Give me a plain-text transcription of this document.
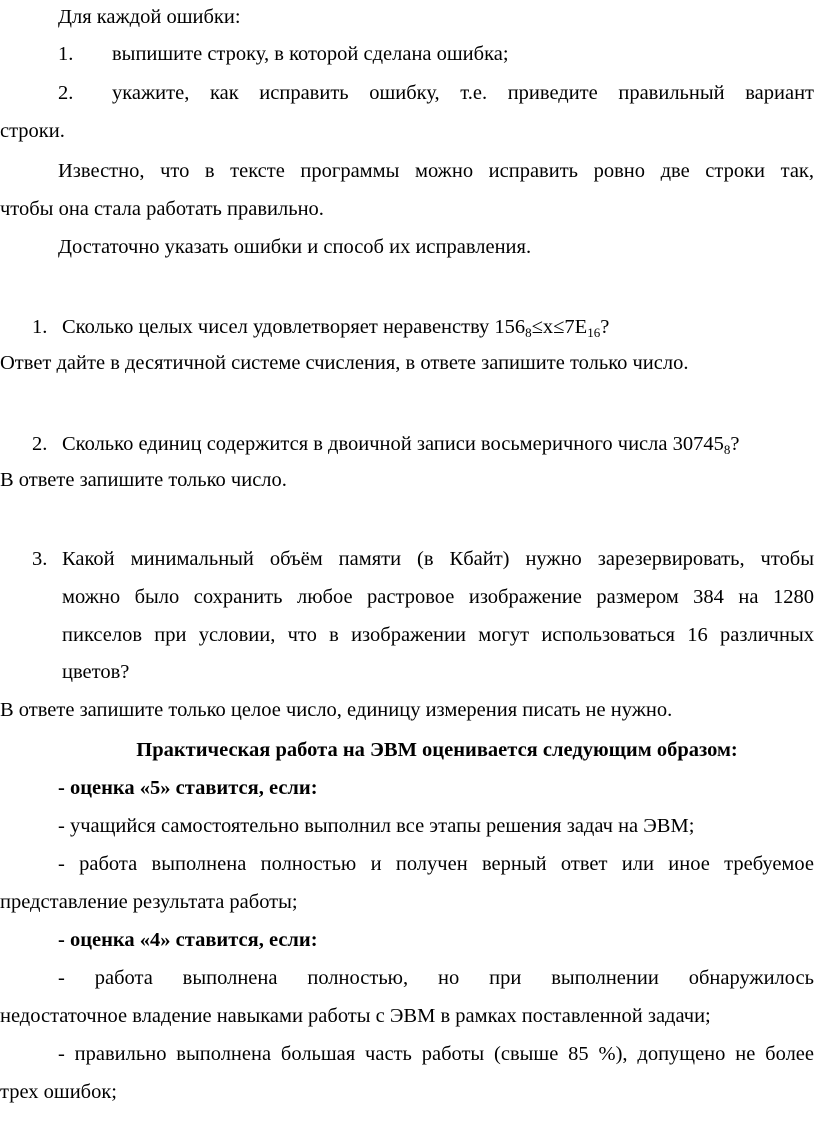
Для каждой ошибки:
1. выпишите строку, в которой сделана ошибка;
2. укажите, как исправить ошибку, т.е. приведите правильный вариант
строки.
Известно, что в тексте программы можно исправить ровно две строки так,
чтобы она стала работать правильно.
Достаточно указать ошибки и способ их исправления.
1. Сколько целых чисел удовлетворяет неравенству $156_8\le x\le 7E_{16}$?
Ответ дайте в десятичной системе счисления, в ответе запишите только число.
2. Сколько единиц содержится в двоичной записи восьмеричного числа $30745_8$?
В ответе запишите только число.
3. Какой минимальный объём памяти (в Кбайт) нужно зарезервировать, чтобы
можно было сохранить любое растровое изображение размером 384 на 1280
пикселов при условии, что в изображении могут использоваться 16 различных
цветов?
В ответе запишите только целое число, единицу измерения писать не нужно.
Практическая работа на ЭВМ оценивается следующим образом:
- оценка «5» ставится, если:
- учащийся самостоятельно выполнил все этапы решения задач на ЭВМ;
- работа выполнена полностью и получен верный ответ или иное требуемое
представление результата работы;
- оценка «4» ставится, если:
- работа выполнена полностью, но при выполнении обнаружилось
недостаточное владение навыками работы с ЭВМ в рамках поставленной задачи;
- правильно выполнена большая часть работы (свыше 85 %), допущено не более
трех ошибок;
